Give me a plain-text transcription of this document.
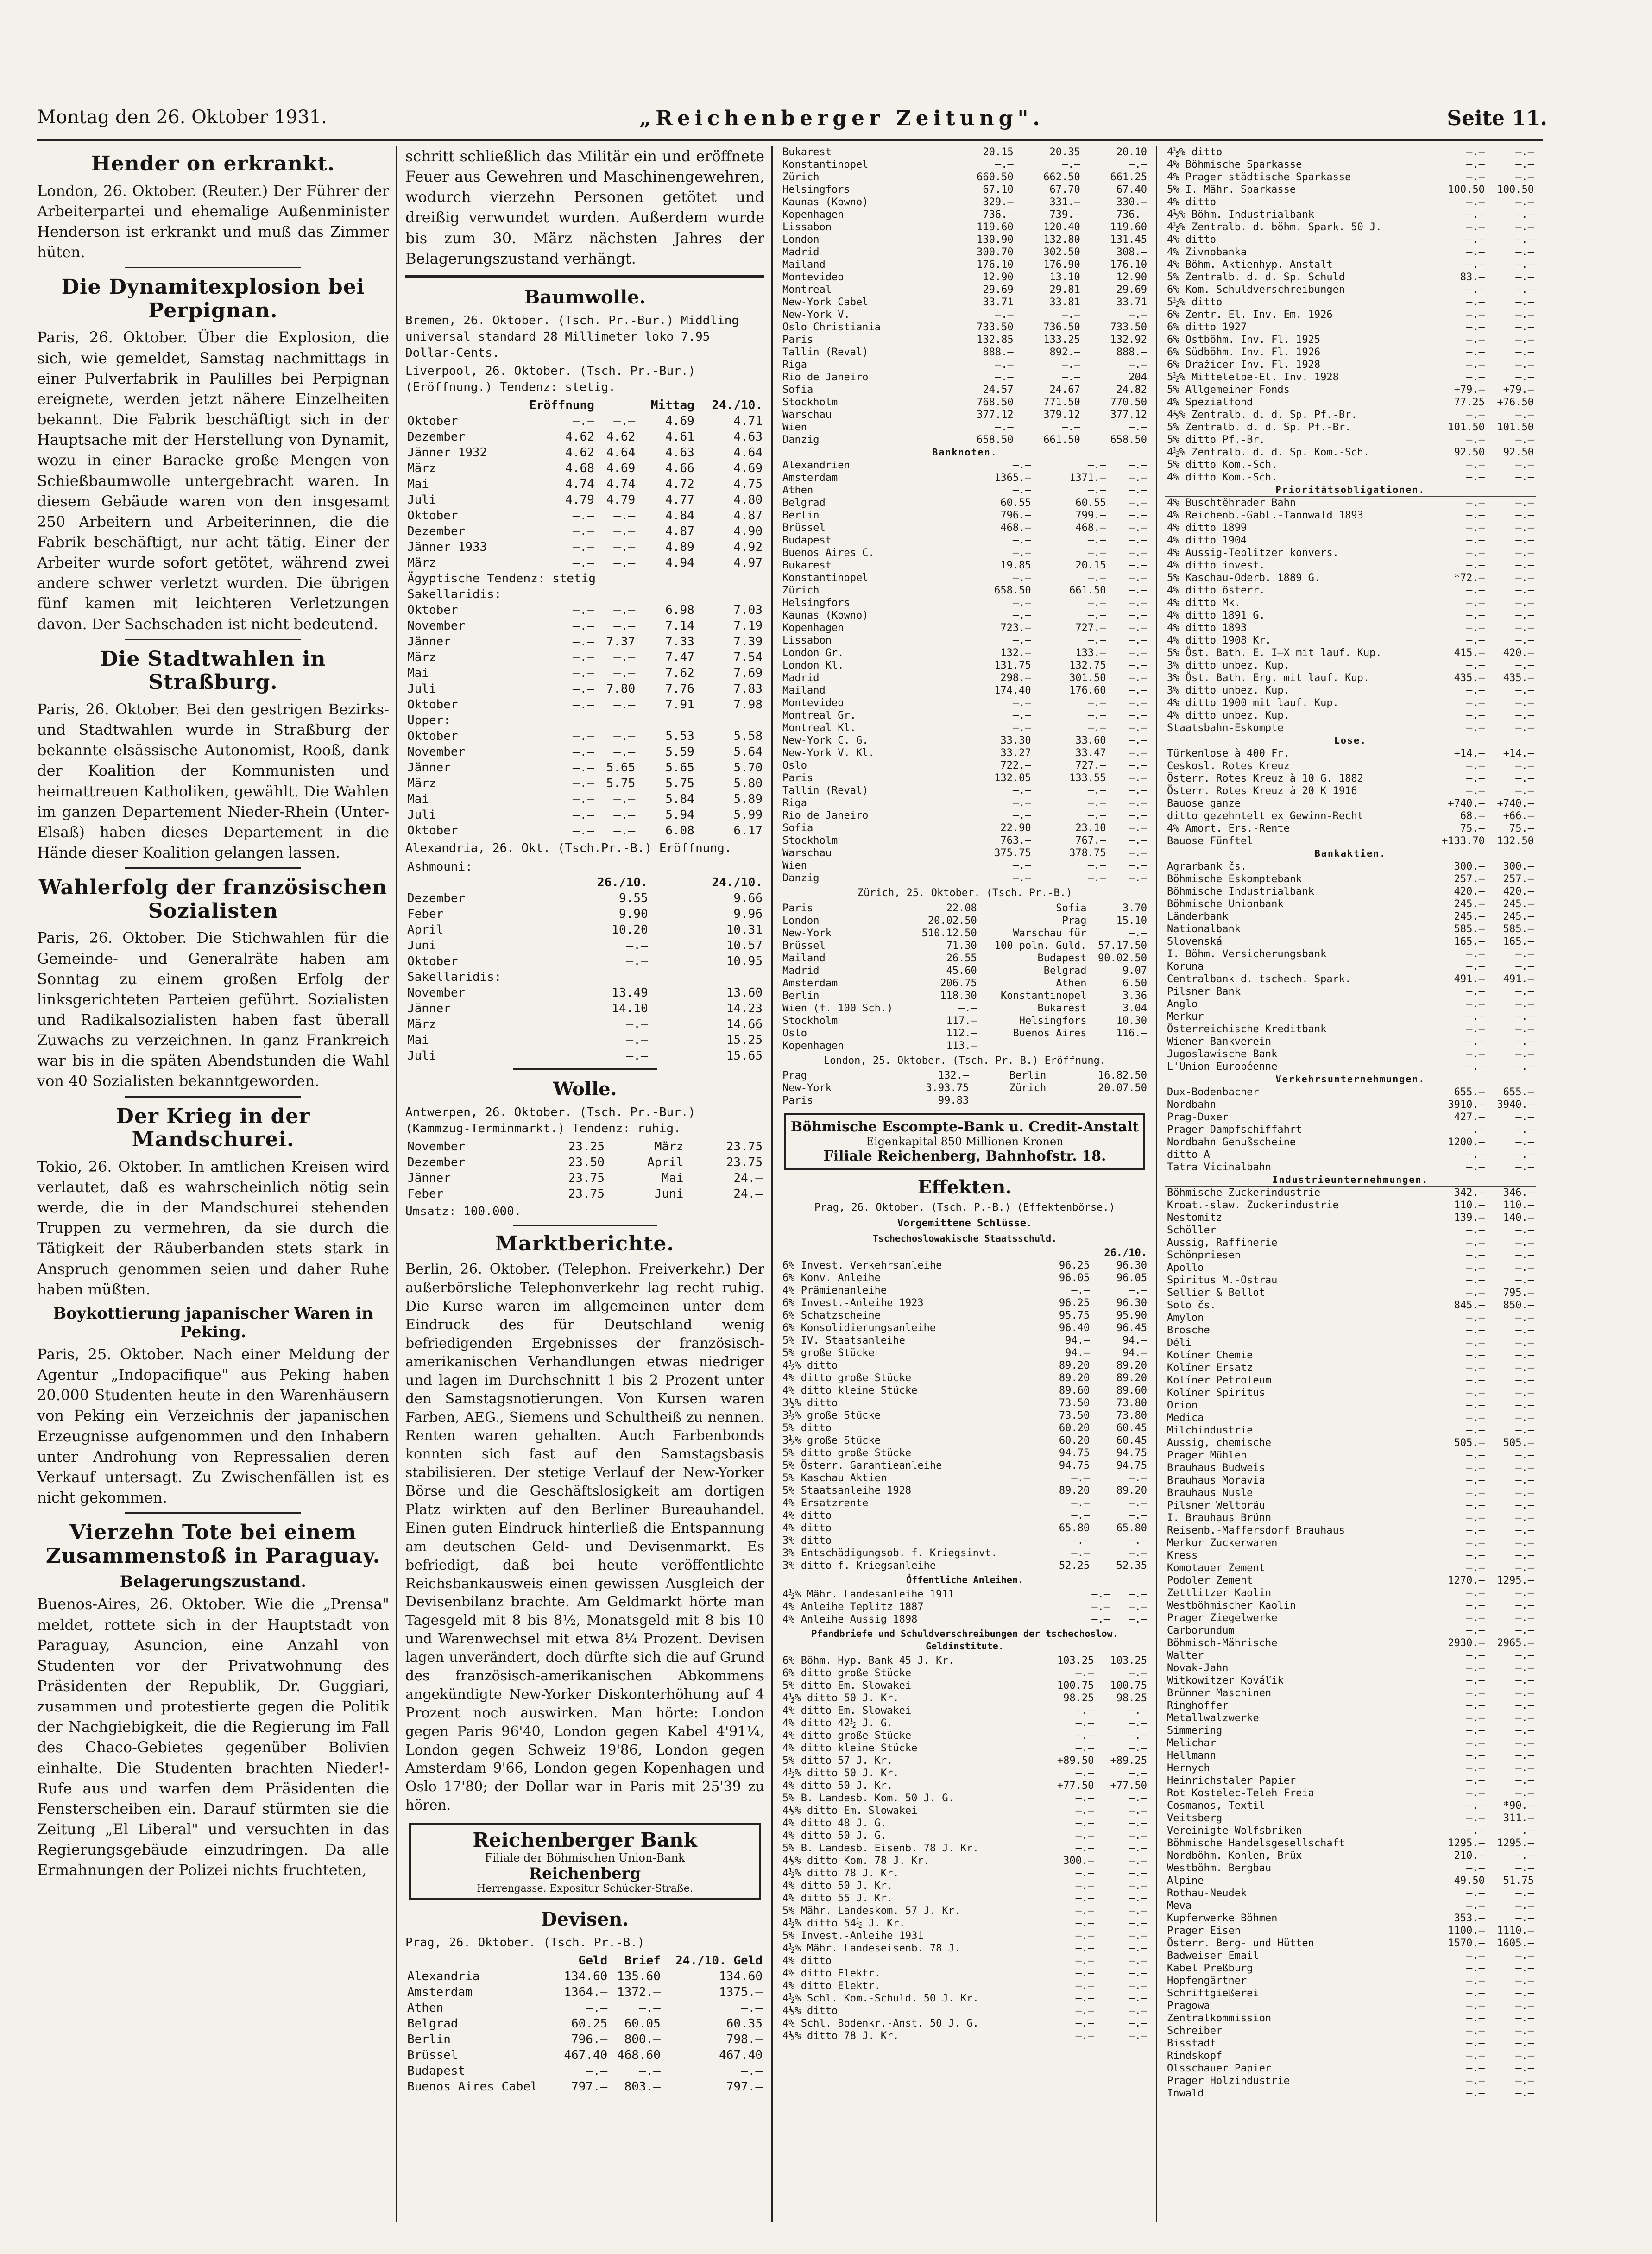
Montag den 26. Oktober 1931.	„Reichenberger Zeitung".	Seite 11.
Hender on erkrankt.

London, 26. Oktober. (Reuter.) Der Führer der Arbeiterpartei und ehemalige Außenminister Henderson ist erkrankt und muß das Zimmer hüten.

Die Dynamitexplosion bei Perpignan.

Paris, 26. Oktober. Über die Explosion, die sich, wie gemeldet, Samstag nachmittags in einer Pulverfabrik in Paulilles bei Perpignan ereignete, werden jetzt nähere Einzelheiten bekannt. Die Fabrik beschäftigt sich in der Hauptsache mit der Herstellung von Dynamit, wozu in einer Baracke große Mengen von Schießbaumwolle untergebracht waren. In diesem Gebäude waren von den insgesamt 250 Arbeitern und Arbeiterinnen, die die Fabrik beschäftigt, nur acht tätig. Einer der Arbeiter wurde sofort getötet, während zwei andere schwer verletzt wurden. Die übrigen fünf kamen mit leichteren Verletzungen davon. Der Sachschaden ist nicht bedeutend.

Die Stadtwahlen in Straßburg.

Paris, 26. Oktober. Bei den gestrigen Bezirks- und Stadtwahlen wurde in Straßburg der bekannte elsässische Autonomist, Rooß, dank der Koalition der Kommunisten und heimattreuen Katholiken, gewählt. Die Wahlen im ganzen Departement Nieder-Rhein (Unter-Elsaß) haben dieses Departement in die Hände dieser Koalition gelangen lassen.

Wahlerfolg der französischen Sozialisten

Paris, 26. Oktober. Die Stichwahlen für die Gemeinde- und Generalräte haben am Sonntag zu einem großen Erfolg der linksgerichteten Parteien geführt. Sozialisten und Radikalsozialisten haben fast überall Zuwachs zu verzeichnen. In ganz Frankreich war bis in die späten Abendstunden die Wahl von 40 Sozialisten bekanntgeworden.

Der Krieg in der Mandschurei.

Tokio, 26. Oktober. In amtlichen Kreisen wird verlautet, daß es wahrscheinlich nötig sein werde, die in der Mandschurei stehenden Truppen zu vermehren, da sie durch die Tätigkeit der Räuberbanden stets stark in Anspruch genommen seien und daher Ruhe haben müßten.

Boykottierung japanischer Waren in Peking.

Paris, 25. Oktober. Nach einer Meldung der Agentur „Indopacifique" aus Peking haben 20.000 Studenten heute in den Warenhäusern von Peking ein Verzeichnis der japanischen Erzeugnisse aufgenommen und den Inhabern unter Androhung von Repressalien deren Verkauf untersagt. Zu Zwischenfällen ist es nicht gekommen.

Vierzehn Tote bei einem Zusammenstoß in Paraguay.
Belagerungszustand.

Buenos-Aires, 26. Oktober. Wie die „Prensa" meldet, rottete sich in der Hauptstadt von Paraguay, Asuncion, eine Anzahl von Studenten vor der Privatwohnung des Präsidenten der Republik, Dr. Guggiari, zusammen und protestierte gegen die Politik der Nachgiebigkeit, die die Regierung im Fall des Chaco-Gebietes gegenüber Bolivien einhalte. Die Studenten brachten Nieder!-Rufe aus und warfen dem Präsidenten die Fensterscheiben ein. Darauf stürmten sie die Zeitung „El Liberal" und versuchten in das Regierungsgebäude einzudringen. Da alle Ermahnungen der Polizei nichts fruchteten,

schritt schließlich das Militär ein und eröffnete Feuer aus Gewehren und Maschinengewehren, wodurch vierzehn Personen getötet und dreißig verwundet wurden. Außerdem wurde bis zum 30. März nächsten Jahres der Belagerungszustand verhängt.

Baumwolle.
Bremen, 26. Oktober. (Tsch. Pr.-Bur.) Middling universal standard 28 Millimeter loko 7.95 Dollar-Cents.
Liverpool, 26. Oktober. (Tsch. Pr.-Bur.) (Eröffnung.) Tendenz: stetig.
	Eröffnung		Mittag	24./10.
Oktober	—.—	—.—	4.69	4.71
Dezember	4.62	4.62	4.61	4.63
Jänner 1932	4.62	4.64	4.63	4.64
März	4.68	4.69	4.66	4.69
Mai	4.74	4.74	4.72	4.75
Juli	4.79	4.79	4.77	4.80
Oktober	—.—	—.—	4.84	4.87
Dezember	—.—	—.—	4.87	4.90
Jänner 1933	—.—	—.—	4.89	4.92
März	—.—	—.—	4.94	4.97
Ägyptische Tendenz: stetig				
Sakellaridis:				
Oktober	—.—	—.—	6.98	7.03
November	—.—	—.—	7.14	7.19
Jänner	—.—	7.37	7.33	7.39
März	—.—	—.—	7.47	7.54
Mai	—.—	—.—	7.62	7.69
Juli	—.—	7.80	7.76	7.83
Oktober	—.—	—.—	7.91	7.98
Upper:				
Oktober	—.—	—.—	5.53	5.58
November	—.—	—.—	5.59	5.64
Jänner	—.—	5.65	5.65	5.70
März	—.—	5.75	5.75	5.80
Mai	—.—	—.—	5.84	5.89
Juli	—.—	—.—	5.94	5.99
Oktober	—.—	—.—	6.08	6.17
Alexandria, 26. Okt. (Tsch.Pr.-B.) Eröffnung.
Ashmouni:		
	26./10.	24./10.
Dezember	9.55	9.66
Feber	9.90	9.96
April	10.20	10.31
Juni	—.—	10.57
Oktober	—.—	10.95
Sakellaridis:		
November	13.49	13.60
Jänner	14.10	14.23
März	—.—	14.66
Mai	—.—	15.25
Juli	—.—	15.65
Wolle.
Antwerpen, 26. Oktober. (Tsch. Pr.-Bur.) (Kammzug-Terminmarkt.) Tendenz: ruhig.
November	23.25	März	23.75
Dezember	23.50	April	23.75
Jänner	23.75	Mai	24.—
Feber	23.75	Juni	24.—
Umsatz: 100.000.
Marktberichte.

Berlin, 26. Oktober. (Telephon. Freiverkehr.) Der außerbörsliche Telephonverkehr lag recht ruhig. Die Kurse waren im allgemeinen unter dem Eindruck des für Deutschland wenig befriedigenden Ergebnisses der französisch-amerikanischen Verhandlungen etwas niedriger und lagen im Durchschnitt 1 bis 2 Prozent unter den Samstagsnotierungen. Von Kursen waren Farben, AEG., Siemens und Schultheiß zu nennen. Renten waren gehalten. Auch Farbenbonds konnten sich fast auf den Samstagsbasis stabilisieren. Der stetige Verlauf der New-Yorker Börse und die Geschäftslosigkeit am dortigen Platz wirkten auf den Berliner Bureauhandel. Einen guten Eindruck hinterließ die Entspannung am deutschen Geld- und Devisenmarkt. Es befriedigt, daß bei heute veröffentlichte Reichsbankausweis einen gewissen Ausgleich der Devisenbilanz brachte. Am Geldmarkt hörte man Tagesgeld mit 8 bis 8½, Monatsgeld mit 8 bis 10 und Warenwechsel mit etwa 8¼ Prozent. Devisen lagen unverändert, doch dürfte sich die auf Grund des französisch-amerikanischen Abkommens angekündigte New-Yorker Diskonterhöhung auf 4 Prozent noch auswirken. Man hörte: London gegen Paris 96'40, London gegen Kabel 4'91¼, London gegen Schweiz 19'86, London gegen Amsterdam 9'66, London gegen Kopenhagen und Oslo 17'80; der Dollar war in Paris mit 25'39 zu hören.

Reichenberger Bank
Filiale der Böhmischen Union-Bank
Reichenberg
Herrengasse. Expositur Schücker-Straße.
Devisen.
Prag, 26. Oktober. (Tsch. Pr.-B.)
	Geld	Brief	24./10. Geld
Alexandria	134.60	135.60	134.60
Amsterdam	1364.—	1372.—	1375.—
Athen	—.—	—.—	—.—
Belgrad	60.25	60.05	60.35
Berlin	796.—	800.—	798.—
Brüssel	467.40	468.60	467.40
Budapest	—.—	—.—	—.—
Buenos Aires Cabel	797.—	803.—	797.—
Bukarest	20.15	20.35	20.10
Konstantinopel	—.—	—.—	—.—
Zürich	660.50	662.50	661.25
Helsingfors	67.10	67.70	67.40
Kaunas (Kowno)	329.—	331.—	330.—
Kopenhagen	736.—	739.—	736.—
Lissabon	119.60	120.40	119.60
London	130.90	132.80	131.45
Madrid	300.70	302.50	308.—
Mailand	176.10	176.90	176.10
Montevideo	12.90	13.10	12.90
Montreal	29.69	29.81	29.69
New-York Cabel	33.71	33.81	33.71
New-York V.	—.—	—.—	—.—
Oslo Christiania	733.50	736.50	733.50
Paris	132.85	133.25	132.92
Tallin (Reval)	888.—	892.—	888.—
Riga	—.—	—.—	—.—
Rio de Janeiro	—.—	—.—	204
Sofia	24.57	24.67	24.82
Stockholm	768.50	771.50	770.50
Warschau	377.12	379.12	377.12
Wien	—.—	—.—	—.—
Danzig	658.50	661.50	658.50
Banknoten.			
Alexandrien	—.—	—.—	—.—
Amsterdam	1365.—	1371.—	—.—
Athen	—.—	—.—	—.—
Belgrad	60.55	60.55	—.—
Berlin	796.—	799.—	—.—
Brüssel	468.—	468.—	—.—
Budapest	—.—	—.—	—.—
Buenos Aires C.	—.—	—.—	—.—
Bukarest	19.85	20.15	—.—
Konstantinopel	—.—	—.—	—.—
Zürich	658.50	661.50	—.—
Helsingfors	—.—	—.—	—.—
Kaunas (Kowno)	—.—	—.—	—.—
Kopenhagen	723.—	727.—	—.—
Lissabon	—.—	—.—	—.—
London Gr.	132.—	133.—	—.—
London Kl.	131.75	132.75	—.—
Madrid	298.—	301.50	—.—
Mailand	174.40	176.60	—.—
Montevideo	—.—	—.—	—.—
Montreal Gr.	—.—	—.—	—.—
Montreal Kl.	—.—	—.—	—.—
New-York C. G.	33.30	33.60	—.—
New-York V. Kl.	33.27	33.47	—.—
Oslo	722.—	727.—	—.—
Paris	132.05	133.55	—.—
Tallin (Reval)	—.—	—.—	—.—
Riga	—.—	—.—	—.—
Rio de Janeiro	—.—	—.—	—.—
Sofia	22.90	23.10	—.—
Stockholm	763.—	767.—	—.—
Warschau	375.75	378.75	—.—
Wien	—.—	—.—	—.—
Danzig	—.—	—.—	—.—
Zürich, 25. Oktober. (Tsch. Pr.-B.)
Paris	22.08	Sofia	3.70
London	20.02.50	Prag	15.10
New-York	510.12.50	Warschau für	—.—
Brüssel	71.30	100 poln. Guld.	57.17.50
Mailand	26.55	Budapest	90.02.50
Madrid	45.60	Belgrad	9.07
Amsterdam	206.75	Athen	6.50
Berlin	118.30	Konstantinopel	3.36
Wien (f. 100 Sch.)	—.—	Bukarest	3.04
Stockholm	117.—	Helsingfors	10.30
Oslo	112.—	Buenos Aires	116.—
Kopenhagen	113.—		
London, 25. Oktober. (Tsch. Pr.-B.) Eröffnung.
Prag	132.—	Berlin	16.82.50
New-York	3.93.75	Zürich	20.07.50
Paris	99.83		
Böhmische Escompte-Bank u. Credit-Anstalt
Eigenkapital 850 Millionen Kronen
Filiale Reichenberg, Bahnhofstr. 18.
Effekten.
Prag, 26. Oktober. (Tsch. P.-B.) (Effektenbörse.)
Vorgemittene Schlüsse.
Tschechoslowakische Staatsschuld.
		26./10.
6% Invest. Verkehrsanleihe	96.25	96.30
6% Konv. Anleihe	96.05	96.05
4% Prämienanleihe	—.—	—.—
6% Invest.-Anleihe 1923	96.25	96.30
6% Schatzscheine	95.75	95.90
6% Konsolidierungsanleihe	96.40	96.45
5% IV. Staatsanleihe	94.—	94.—
5% große Stücke	94.—	94.—
4½% ditto	89.20	89.20
4% ditto große Stücke	89.20	89.20
4% ditto kleine Stücke	89.60	89.60
3½% ditto	73.50	73.80
3½% große Stücke	73.50	73.80
5% ditto	60.20	60.45
3½% große Stücke	60.20	60.45
5% ditto große Stücke	94.75	94.75
5% Österr. Garantieanleihe	94.75	94.75
5% Kaschau Aktien	—.—	—.—
5% Staatsanleihe 1928	89.20	89.20
4% Ersatzrente	—.—	—.—
4% ditto	—.—	—.—
4% ditto	65.80	65.80
3% ditto	—.—	—.—
3% Entschädigungsob. f. Kriegsinvt.	—.—	—.—
3% ditto f. Kriegsanleihe	52.25	52.35
Öffentliche Anleihen.
4½% Mähr. Landesanleihe 1911	—.—	—.—
4% Anleihe Teplitz 1887	—.—	—.—
4% Anleihe Aussig 1898	—.—	—.—
Pfandbriefe und Schuldverschreibungen der tschechoslow. Geldinstitute.
6% Böhm. Hyp.-Bank 45 J. Kr.	103.25	103.25
6% ditto große Stücke	—.—	—.—
5% ditto Em. Slowakei	100.75	100.75
4½% ditto 50 J. Kr.	98.25	98.25
4% ditto Em. Slowakei	—.—	—.—
4% ditto 42½ J. G.	—.—	—.—
4% ditto große Stücke	—.—	—.—
4% ditto kleine Stücke	—.—	—.—
5% ditto 57 J. Kr.	+89.50	+89.25
4½% ditto 50 J. Kr.	—.—	—.—
4% ditto 50 J. Kr.	+77.50	+77.50
5% B. Landesb. Kom. 50 J. G.	—.—	—.—
4½% ditto Em. Slowakei	—.—	—.—
4% ditto 48 J. G.	—.—	—.—
4% ditto 50 J. G.	—.—	—.—
5% B. Landesb. Eisenb. 78 J. Kr.	—.—	—.—
4½% ditto Kom. 78 J. Kr.	300.—	—.—
4½% ditto 78 J. Kr.	—.—	—.—
4% ditto 50 J. Kr.	—.—	—.—
4% ditto 55 J. Kr.	—.—	—.—
5% Mähr. Landeskom. 57 J. Kr.	—.—	—.—
4½% ditto 54½ J. Kr.	—.—	—.—
5% Invest.-Anleihe 1931	—.—	—.—
4½% Mähr. Landeseisenb. 78 J.	—.—	—.—
4% ditto	—.—	—.—
4% ditto Elektr.	—.—	—.—
4% ditto Elektr.	—.—	—.—
4½% Schl. Kom.-Schuld. 50 J. Kr.	—.—	—.—
4½% ditto	—.—	—.—
4% Schl. Bodenkr.-Anst. 50 J. G.	—.—	—.—
4½% ditto 78 J. Kr.	—.—	—.—
4½% ditto	—.—	—.—
4% Böhmische Sparkasse	—.—	—.—
4% Prager städtische Sparkasse	—.—	—.—
5% I. Mähr. Sparkasse	100.50	100.50
4% ditto	—.—	—.—
4½% Böhm. Industrialbank	—.—	—.—
4½% Zentralb. d. böhm. Spark. 50 J.	—.—	—.—
4% ditto	—.—	—.—
4% Zivnobanka	—.—	—.—
4% Böhm. Aktienhyp.-Anstalt	—.—	—.—
5% Zentralb. d. d. Sp. Schuld	83.—	—.—
6% Kom. Schuldverschreibungen	—.—	—.—
5½% ditto	—.—	—.—
6% Zentr. El. Inv. Em. 1926	—.—	—.—
6% ditto 1927	—.—	—.—
6% Ostböhm. Inv. Fl. 1925	—.—	—.—
6% Südböhm. Inv. Fl. 1926	—.—	—.—
6% Dražicer Inv. Fl. 1928	—.—	—.—
5½% Mittelelbe-El. Inv. 1928	—.—	—.—
5% Allgemeiner Fonds	+79.—	+79.—
4% Spezialfond	77.25	+76.50
4½% Zentralb. d. d. Sp. Pf.-Br.	—.—	—.—
5% Zentralb. d. d. Sp. Pf.-Br.	101.50	101.50
5% ditto Pf.-Br.	—.—	—.—
4½% Zentralb. d. d. Sp. Kom.-Sch.	92.50	92.50
5% ditto Kom.-Sch.	—.—	—.—
4% ditto Kom.-Sch.	—.—	—.—
Prioritätsobligationen.		
4% Buschtěhrader Bahn	—.—	—.—
4% Reichenb.-Gabl.-Tannwald 1893	—.—	—.—
4% ditto 1899	—.—	—.—
4% ditto 1904	—.—	—.—
4% Aussig-Teplitzer konvers.	—.—	—.—
4% ditto invest.	—.—	—.—
5% Kaschau-Oderb. 1889 G.	*72.—	—.—
4% ditto österr.	—.—	—.—
4% ditto Mk.	—.—	—.—
4% ditto 1891 G.	—.—	—.—
4% ditto 1893	—.—	—.—
4% ditto 1908 Kr.	—.—	—.—
5% Öst. Bath. E. I—X mit lauf. Kup.	415.—	420.—
3% ditto unbez. Kup.	—.—	—.—
3% Öst. Bath. Erg. mit lauf. Kup.	435.—	435.—
3% ditto unbez. Kup.	—.—	—.—
4% ditto 1900 mit lauf. Kup.	—.—	—.—
4% ditto unbez. Kup.	—.—	—.—
Staatsbahn-Eskompte	—.—	—.—
Lose.		
Türkenlose à 400 Fr.	+14.—	+14.—
Ceskosl. Rotes Kreuz	—.—	—.—
Österr. Rotes Kreuz à 10 G. 1882	—.—	—.—
Österr. Rotes Kreuz à 20 K 1916	—.—	—.—
Bauose ganze	+740.—	+740.—
ditto gezehntelt ex Gewinn-Recht	68.—	+66.—
4% Amort. Ers.-Rente	75.—	75.—
Bauose Fünftel	+133.70	132.50
Bankaktien.		
Agrarbank čs.	300.—	300.—
Böhmische Eskomptebank	257.—	257.—
Böhmische Industrialbank	420.—	420.—
Böhmische Unionbank	245.—	245.—
Länderbank	245.—	245.—
Nationalbank	585.—	585.—
Slovenská	165.—	165.—
I. Böhm. Versicherungsbank	—.—	—.—
Koruna	—.—	—.—
Centralbank d. tschech. Spark.	491.—	491.—
Pilsner Bank	—.—	—.—
Anglo	—.—	—.—
Merkur	—.—	—.—
Österreichische Kreditbank	—.—	—.—
Wiener Bankverein	—.—	—.—
Jugoslawische Bank	—.—	—.—
L'Union Européenne	—.—	—.—
Verkehrsunternehmungen.		
Dux-Bodenbacher	655.—	655.—
Nordbahn	3910.—	3940.—
Prag-Duxer	427.—	—.—
Prager Dampfschiffahrt	—.—	—.—
Nordbahn Genußscheine	1200.—	—.—
ditto A	—.—	—.—
Tatra Vicinalbahn	—.—	—.—
Industrieunternehmungen.		
Böhmische Zuckerindustrie	342.—	346.—
Kroat.-slaw. Zuckerindustrie	110.—	110.—
Nestomitz	139.—	140.—
Schöller	—.—	—.—
Aussig, Raffinerie	—.—	—.—
Schönpriesen	—.—	—.—
Apollo	—.—	—.—
Spiritus M.-Ostrau	—.—	—.—
Sellier & Bellot	—.—	795.—
Solo čs.	845.—	850.—
Amylon	—.—	—.—
Brosche	—.—	—.—
Déli	—.—	—.—
Kolíner Chemie	—.—	—.—
Kolíner Ersatz	—.—	—.—
Kolíner Petroleum	—.—	—.—
Kolíner Spiritus	—.—	—.—
Orion	—.—	—.—
Medica	—.—	—.—
Milchindustrie	—.—	—.—
Aussig, chemische	505.—	505.—
Prager Mühlen	—.—	—.—
Brauhaus Budweis	—.—	—.—
Brauhaus Moravia	—.—	—.—
Brauhaus Nusle	—.—	—.—
Pilsner Weltbräu	—.—	—.—
I. Brauhaus Brünn	—.—	—.—
Reisenb.-Maffersdorf Brauhaus	—.—	—.—
Merkur Zuckerwaren	—.—	—.—
Kress	—.—	—.—
Komotauer Zement	—.—	—.—
Podoler Zement	1270.—	1295.—
Zettlitzer Kaolin	—.—	—.—
Westböhmischer Kaolin	—.—	—.—
Prager Ziegelwerke	—.—	—.—
Carborundum	—.—	—.—
Böhmisch-Mährische	2930.—	2965.—
Walter	—.—	—.—
Novak-Jahn	—.—	—.—
Witkowitzer Kováľik	—.—	—.—
Brünner Maschinen	—.—	—.—
Ringhoffer	—.—	—.—
Metallwalzwerke	—.—	—.—
Simmering	—.—	—.—
Melichar	—.—	—.—
Hellmann	—.—	—.—
Hernych	—.—	—.—
Heinrichstaler Papier	—.—	—.—
Rot Kostelec-Teleh Freia	—.—	—.—
Cosmanos, Textil	—.—	*90.—
Veitsberg	—.—	311.—
Vereinigte Wolfsbriken	—.—	—.—
Böhmische Handelsgesellschaft	1295.—	1295.—
Nordböhm. Kohlen, Brüx	210.—	—.—
Westböhm. Bergbau	—.—	—.—
Alpine	49.50	51.75
Rothau-Neudek	—.—	—.—
Meva	—.—	—.—
Kupferwerke Böhmen	353.—	—.—
Prager Eisen	1100.—	1110.—
Österr. Berg- und Hütten	1570.—	1605.—
Badweiser Email	—.—	—.—
Kabel Preßburg	—.—	—.—
Hopfengärtner	—.—	—.—
Schriftgießerei	—.—	—.—
Pragowa	—.—	—.—
Zentralkommission	—.—	—.—
Schreiber	—.—	—.—
Bisstadt	—.—	—.—
Rindskopf	—.—	—.—
Olsschauer Papier	—.—	—.—
Prager Holzindustrie	—.—	—.—
Inwald	—.—	—.—
